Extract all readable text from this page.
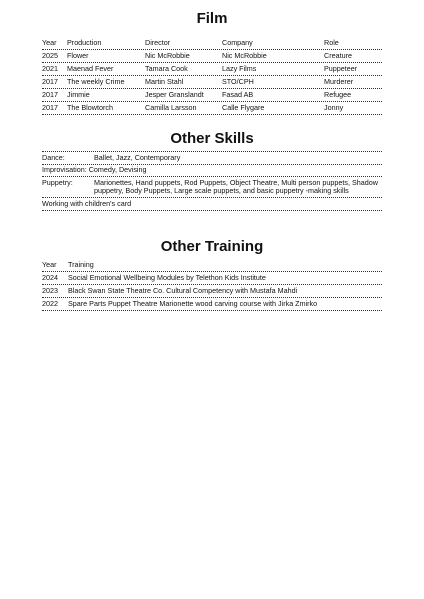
Film
Year	Production	Director	Company	Role
2025	Flower	Nic McRobbie	Nic McRobbie	Creature
2021	Maenad Fever	Tamara Cook	Lazy Films	Puppeteer
2017	The weekly Crime	Martin Stahl	STO/CPH	Murderer
2017	Jimmie	Jesper Granslandt	Fasad AB	Refugee
2017	The Blowtorch	Camilla Larsson	Calle Flygare	Jonny
Other Skills
Dance:	Ballet, Jazz, Contemporary
Improvisation: Comedy, Devising
Puppetry:	Marionettes, Hand puppets, Rod Puppets, Object Theatre, Multi person puppets, Shadow puppetry, Body Puppets, Large scale puppets, and basic puppetry -making skills
Working with children's card
Other Training
Year	Training
2024	Social Emotional Wellbeing Modules by Telethon Kids Institute
2023	Black Swan State Theatre Co. Cultural Competency with Mustafa Mahdi
2022	Spare Parts Puppet Theatre Marionette wood carving course with Jirka Zmirko
